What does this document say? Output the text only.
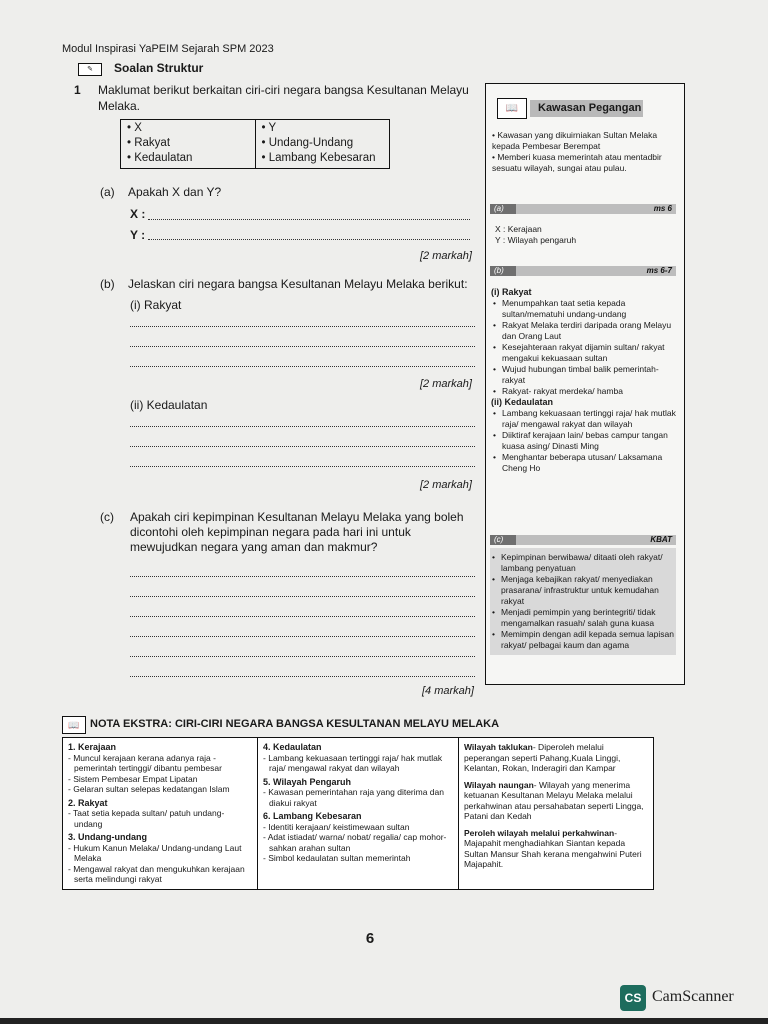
Modul Inspirasi YaPEIM Sejarah SPM 2023
✎	Soalan Struktur
1 Maklumat berikut berkaitan ciri-ciri negara bangsa Kesultanan Melayu Melaka.
• X
• Rakyat
• Kedaulatan

• Y
• Undang-Undang
• Lambang Kebesaran
(a) Apakah X dan Y?
X :
Y :
[2 markah]
(b) Jelaskan ciri negara bangsa Kesultanan Melayu Melaka berikut:
(i) Rakyat
[2 markah]
(ii) Kedaulatan
[2 markah]
(c) Apakah ciri kepimpinan Kesultanan Melayu Melaka yang boleh dicontohi oleh kepimpinan negara pada hari ini untuk mewujudkan negara yang aman dan makmur?
[4 markah]
📖	Kawasan Pegangan
• Kawasan yang dikuirniakan Sultan Melaka kepada Pembesar Berempat
• Memberi kuasa memerintah atau mentadbir sesuatu wilayah, sungai atau pulau.
(a)	ms 6
X : Kerajaan
Y : Wilayah pengaruh
(b)	ms 6-7
(i) Rakyat
• Menumpahkan taat setia kepada sultan/mematuhi undang-undang
• Rakyat Melaka terdiri daripada orang Melayu dan Orang Laut
• Kesejahteraan rakyat dijamin sultan/ rakyat mengakui kekuasaan sultan
• Wujud hubungan timbal balik pemerintah-rakyat
• Rakyat- rakyat merdeka/ hamba
(ii) Kedaulatan
• Lambang kekuasaan tertinggi raja/ hak mutlak raja/ mengawal rakyat dan wilayah
• Diiktiraf kerajaan lain/ bebas campur tangan kuasa asing/ Dinasti Ming
• Menghantar beberapa utusan/ Laksamana Cheng Ho
(c)	KBAT
• Kepimpinan berwibawa/ ditaati oleh rakyat/ lambang penyatuan
• Menjaga kebajikan rakyat/ menyediakan prasarana/ infrastruktur untuk kemudahan rakyat
• Menjadi pemimpin yang berintegriti/ tidak mengamalkan rasuah/ salah guna kuasa
• Memimpin dengan adil kepada semua lapisan rakyat/ pelbagai kaum dan agama
📖 NOTA EKSTRA: CIRI-CIRI NEGARA BANGSA KESULTANAN MELAYU MELAKA
1. Kerajaan
- Muncul kerajaan kerana adanya raja - pemerintah tertinggi/ dibantu pembesar
- Sistem Pembesar Empat Lipatan
- Gelaran sultan selepas kedatangan Islam
2. Rakyat
- Taat setia kepada sultan/ patuh undang-undang
3. Undang-undang
- Hukum Kanun Melaka/ Undang-undang Laut Melaka
- Mengawal rakyat dan mengukuhkan kerajaan serta melindungi rakyat

4. Kedaulatan
- Lambang kekuasaan tertinggi raja/ hak mutlak raja/ mengawal rakyat dan wilayah
5. Wilayah Pengaruh
- Kawasan pemerintahan raja yang diterima dan diakui rakyat
6. Lambang Kebesaran
- Identiti kerajaan/ keistimewaan sultan
- Adat istiadat/ warna/ nobat/ regalia/ cap mohor- sahkan arahan sultan
- Simbol kedaulatan sultan memerintah

Wilayah taklukan- Diperoleh melalui peperangan seperti Pahang,Kuala Linggi, Kelantan, Rokan, Inderagiri dan Kampar
Wilayah naungan- Wilayah yang menerima ketuanan Kesultanan Melayu Melaka melalui perkahwinan atau persahabatan seperti Lingga, Patani dan Kedah
Peroleh wilayah melalui perkahwinan- Majapahit menghadiahkan Siantan kepada Sultan Mansur Shah kerana mengahwini Puteri Majapahit.
6
CS CamScanner
